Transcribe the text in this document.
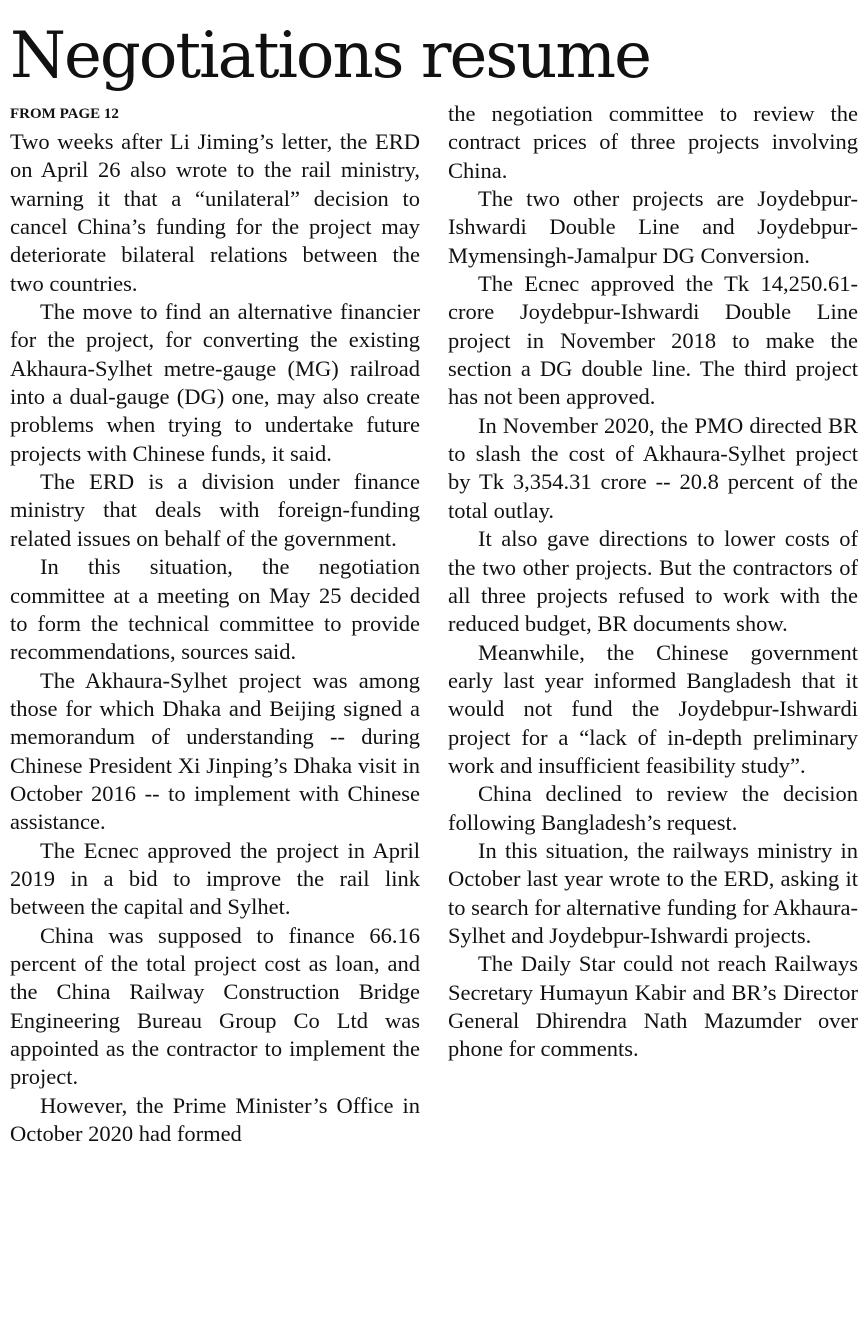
Negotiations resume
FROM PAGE 12

Two weeks after Li Jiming’s letter, the ERD on April 26 also wrote to the rail ministry, warning it that a “unilateral” decision to cancel China’s funding for the project may deteriorate bilateral relations between the two countries.

The move to find an alternative financier for the project, for converting the existing Akhaura-Sylhet metre-gauge (MG) railroad into a dual-gauge (DG) one, may also create problems when trying to undertake future projects with Chinese funds, it said.

The ERD is a division under finance ministry that deals with foreign-funding related issues on behalf of the government.

In this situation, the negotiation committee at a meeting on May 25 decided to form the technical committee to provide recommendations, sources said.

The Akhaura-Sylhet project was among those for which Dhaka and Beijing signed a memorandum of understanding -- during Chinese President Xi Jinping’s Dhaka visit in October 2016 -- to implement with Chinese assistance.

The Ecnec approved the project in April 2019 in a bid to improve the rail link between the capital and Sylhet.

China was supposed to finance 66.16 percent of the total project cost as loan, and the China Railway Construction Bridge Engineering Bureau Group Co Ltd was appointed as the contractor to implement the project.

However, the Prime Minister’s Office in October 2020 had formed

the negotiation committee to review the contract prices of three projects involving China.

The two other projects are Joydebpur-Ishwardi Double Line and Joydebpur-Mymensingh-Jamalpur DG Conversion.

The Ecnec approved the Tk 14,250.61-crore Joydebpur-Ishwardi Double Line project in November 2018 to make the section a DG double line. The third project has not been approved.

In November 2020, the PMO directed BR to slash the cost of Akhaura-Sylhet project by Tk 3,354.31 crore -- 20.8 percent of the total outlay.

It also gave directions to lower costs of the two other projects. But the contractors of all three projects refused to work with the reduced budget, BR documents show.

Meanwhile, the Chinese government early last year informed Bangladesh that it would not fund the Joydebpur-Ishwardi project for a “lack of in-depth preliminary work and insufficient feasibility study”.

China declined to review the decision following Bangladesh’s request.

In this situation, the railways ministry in October last year wrote to the ERD, asking it to search for alternative funding for Akhaura-Sylhet and Joydebpur-Ishwardi projects.

The Daily Star could not reach Railways Secretary Humayun Kabir and BR’s Director General Dhirendra Nath Mazumder over phone for comments.
